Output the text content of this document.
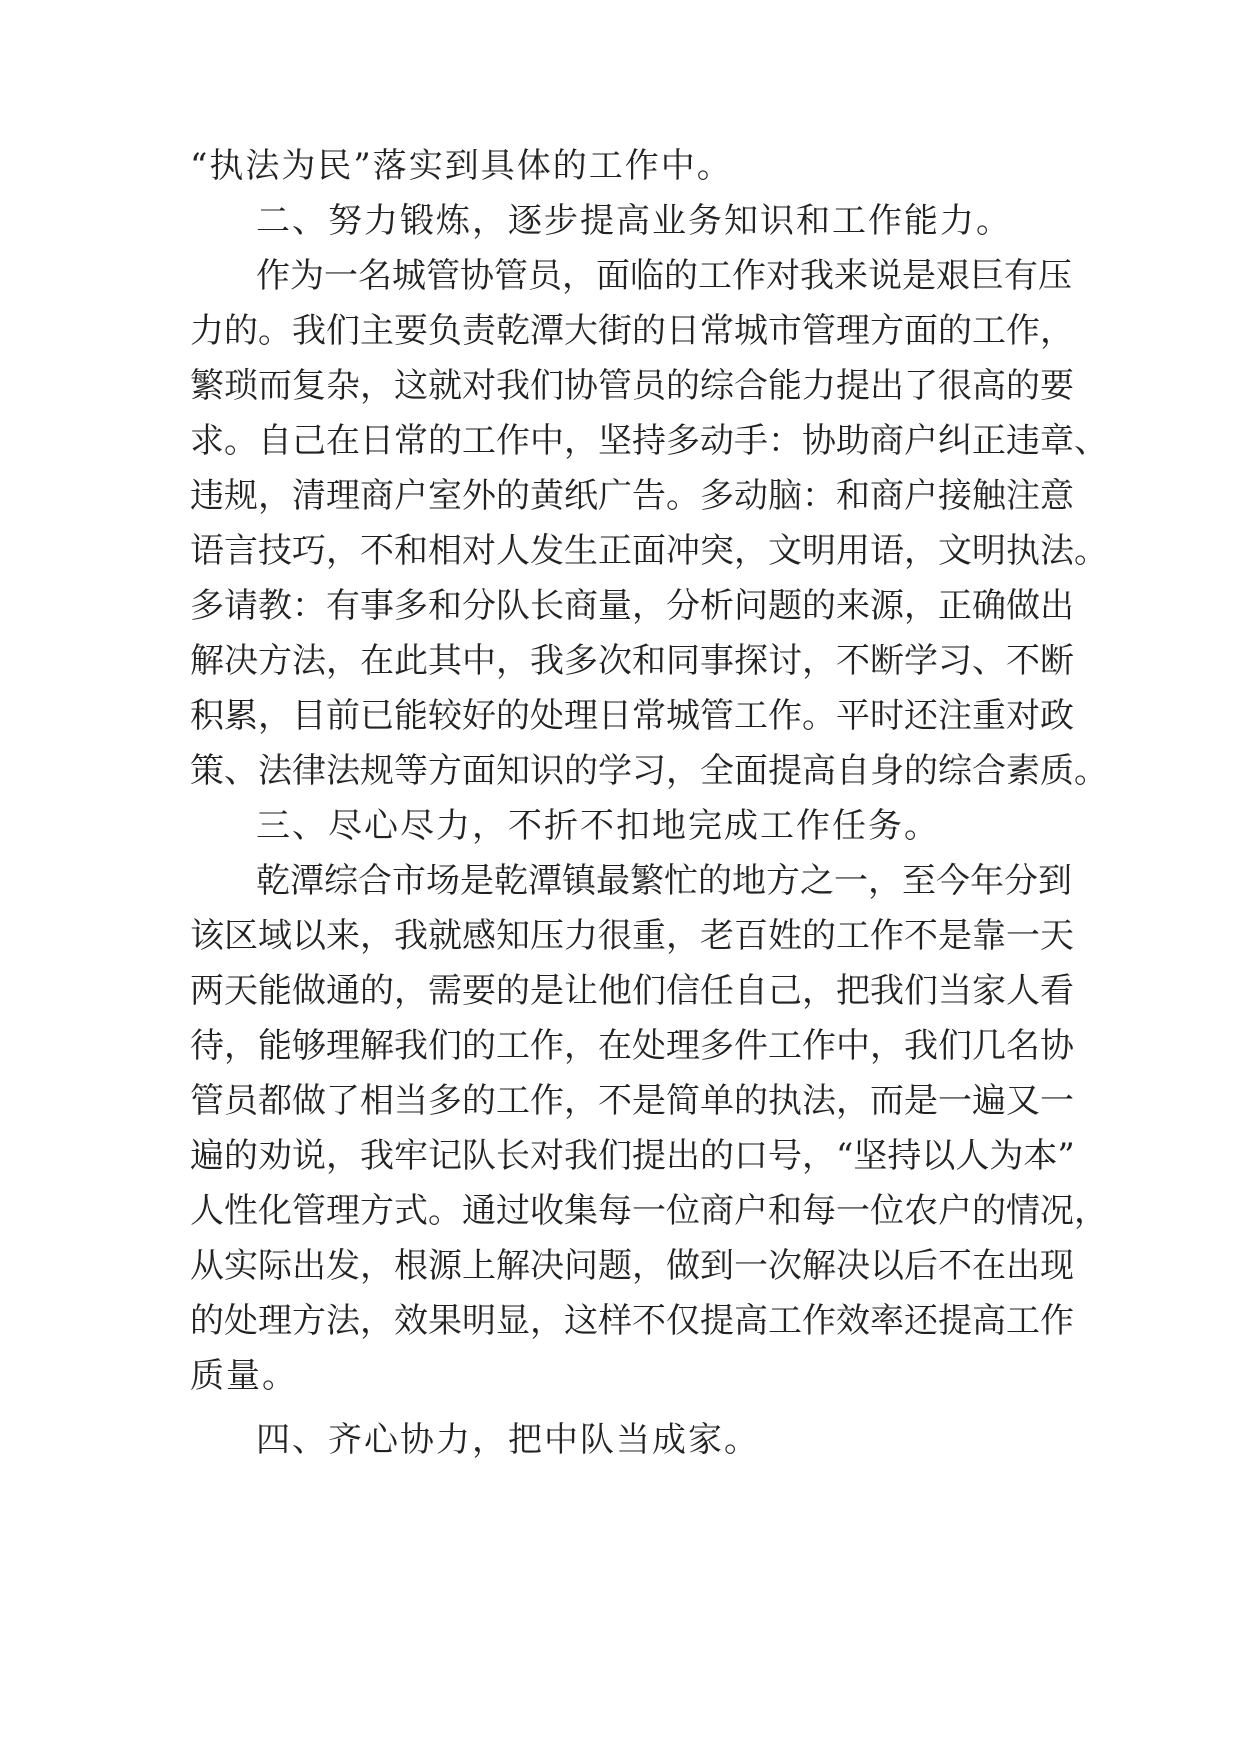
“执法为民”落实到具体的工作中。
二、努力锻炼，逐步提高业务知识和工作能力。
作为一名城管协管员，面临的工作对我来说是艰巨有压
力的。我们主要负责乾潭大街的日常城市管理方面的工作，
繁琐而复杂，这就对我们协管员的综合能力提出了很高的要
求。自己在日常的工作中，坚持多动手：协助商户纠正违章、
违规，清理商户室外的黄纸广告。多动脑：和商户接触注意
语言技巧，不和相对人发生正面冲突，文明用语，文明执法。
多请教：有事多和分队长商量，分析问题的来源，正确做出
解决方法，在此其中，我多次和同事探讨，不断学习、不断
积累，目前已能较好的处理日常城管工作。平时还注重对政
策、法律法规等方面知识的学习，全面提高自身的综合素质。
三、尽心尽力，不折不扣地完成工作任务。
乾潭综合市场是乾潭镇最繁忙的地方之一，至今年分到
该区域以来，我就感知压力很重，老百姓的工作不是靠一天
两天能做通的，需要的是让他们信任自己，把我们当家人看
待，能够理解我们的工作，在处理多件工作中，我们几名协
管员都做了相当多的工作，不是简单的执法，而是一遍又一
遍的劝说，我牢记队长对我们提出的口号，“坚持以人为本”
人性化管理方式。通过收集每一位商户和每一位农户的情况，
从实际出发，根源上解决问题，做到一次解决以后不在出现
的处理方法，效果明显，这样不仅提高工作效率还提高工作
质量。
四、齐心协力，把中队当成家。
